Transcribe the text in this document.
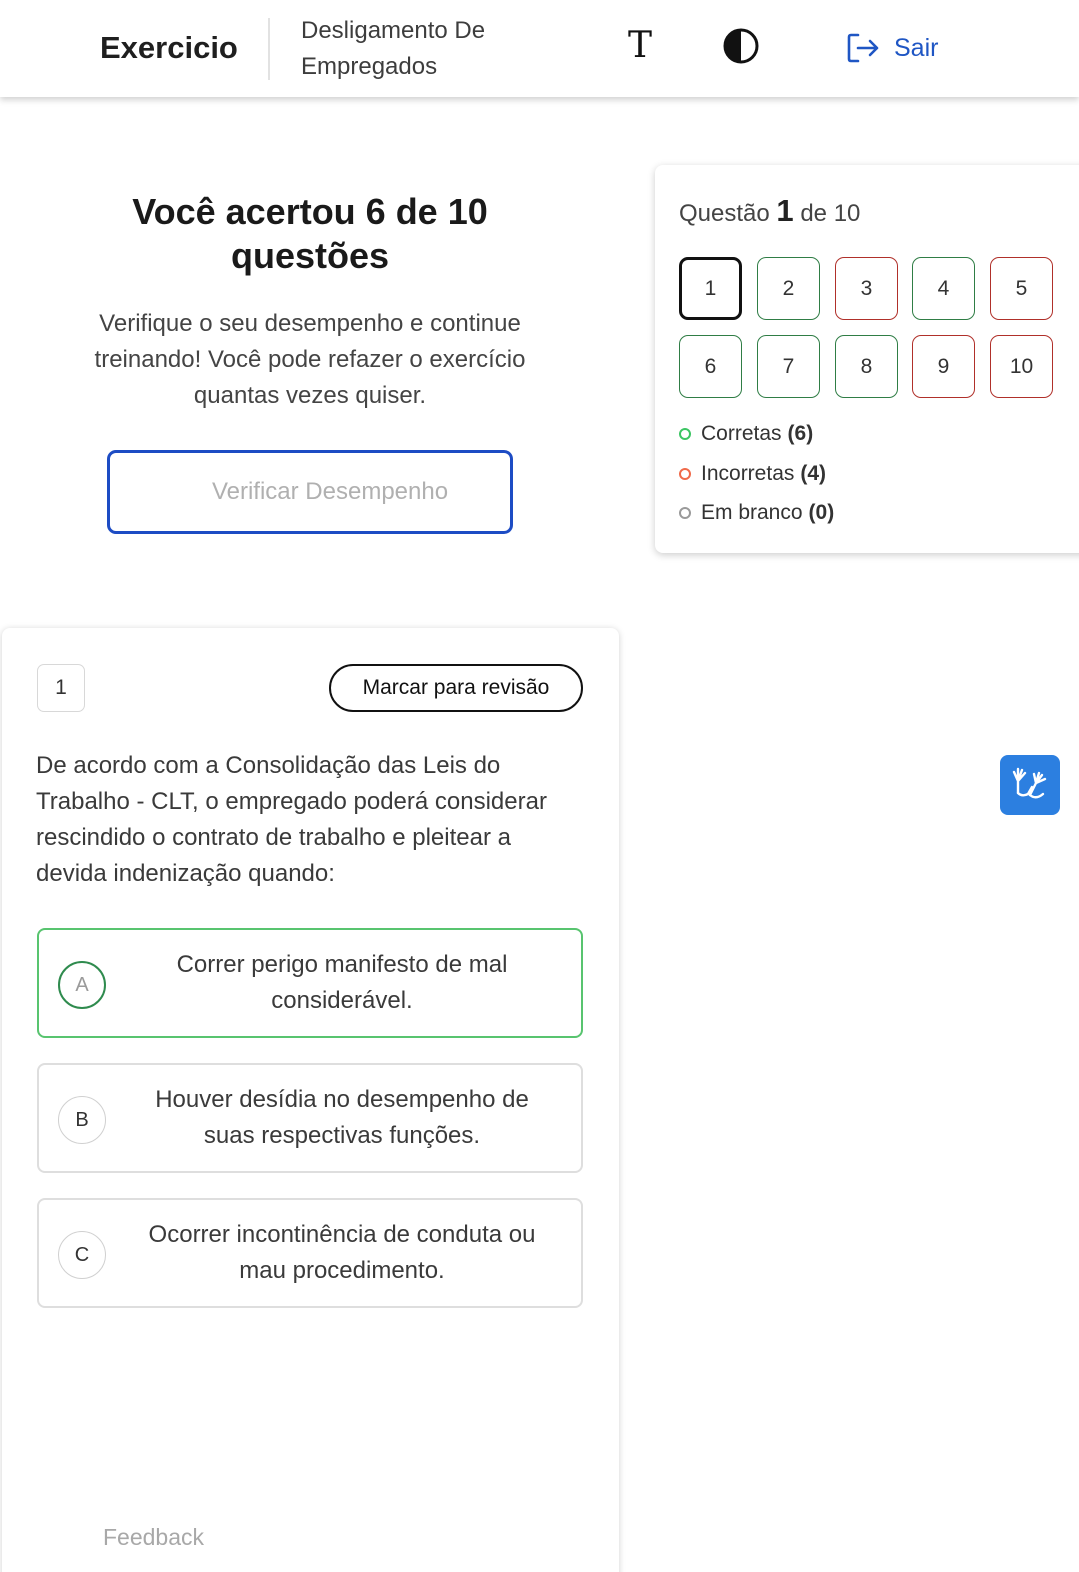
Exercicio	Desligamento De
Empregados
T	Sair
Você acertou 6 de 10
questões
Verifique o seu desempenho e continue
treinando! Você pode refazer o exercício
quantas vezes quiser.
Verificar Desempenho
Questão 1 de 10
1	2	3	4	5
6	7	8	9	10
Corretas (6)
Incorretas (4)
Em branco (0)
1	Marcar para revisão
De acordo com a Consolidação das Leis do
Trabalho - CLT, o empregado poderá considerar
rescindido o contrato de trabalho e pleitear a
devida indenização quando:
A
Correr perigo manifesto de mal
considerável.
B
Houver desídia no desempenho de
suas respectivas funções.
C
Ocorrer incontinência de conduta ou
mau procedimento.
Feedback
